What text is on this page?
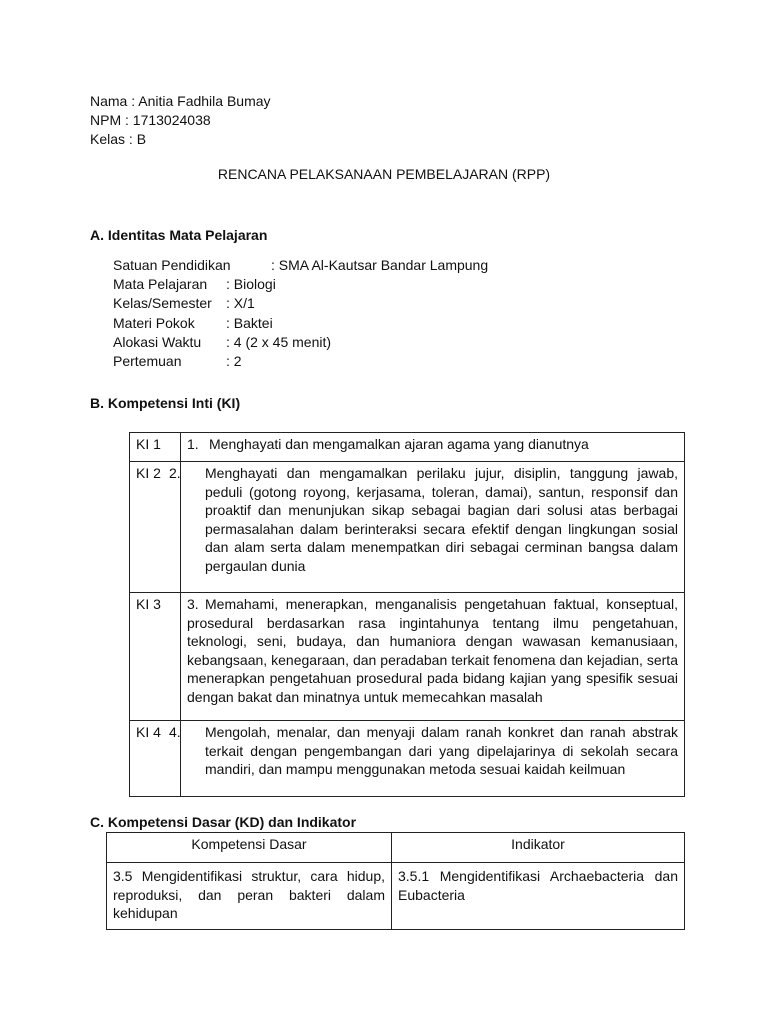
Nama : Anitia Fadhila Bumay
NPM : 1713024038
Kelas : B
RENCANA PELAKSANAAN PEMBELAJARAN (RPP)
A. Identitas Mata Pelajaran
Satuan Pendidikan	: SMA Al-Kautsar Bandar Lampung
Mata Pelajaran : Biologi
Kelas/Semester : X/1
Materi Pokok : Baktei
Alokasi Waktu : 4 (2 x 45 menit)
Pertemuan	: 2
B. Kompetensi Inti (KI)
KI 1	1. Menghayati dan mengamalkan ajaran agama yang dianutnya
KI 2	2. Menghayati dan mengamalkan perilaku jujur, disiplin, tanggung jawab, peduli (gotong royong, kerjasama, toleran, damai), santun, responsif dan proaktif dan menunjukan sikap sebagai bagian dari solusi atas berbagai permasalahan dalam berinteraksi secara efektif dengan lingkungan sosial dan alam serta dalam menempatkan diri sebagai cerminan bangsa dalam pergaulan dunia

KI 3	3. Memahami, menerapkan, menganalisis pengetahuan faktual, konseptual, prosedural berdasarkan rasa ingintahunya tentang ilmu pengetahuan, teknologi, seni, budaya, dan humaniora dengan wawasan kemanusiaan, kebangsaan, kenegaraan, dan peradaban terkait fenomena dan kejadian, serta menerapkan pengetahuan prosedural pada bidang kajian yang spesifik sesuai dengan bakat dan minatnya untuk memecahkan masalah

KI 4	4. Mengolah, menalar, dan menyaji dalam ranah konkret dan ranah abstrak terkait dengan pengembangan dari yang dipelajarinya di sekolah secara mandiri, dan mampu menggunakan metoda sesuai kaidah keilmuan
C. Kompetensi Dasar (KD) dan Indikator
Kompetensi Dasar	Indikator
3.5 Mengidentifikasi struktur, cara hidup, reproduksi, dan peran bakteri dalam kehidupan	3.5.1 Mengidentifikasi Archaebacteria dan Eubacteria
